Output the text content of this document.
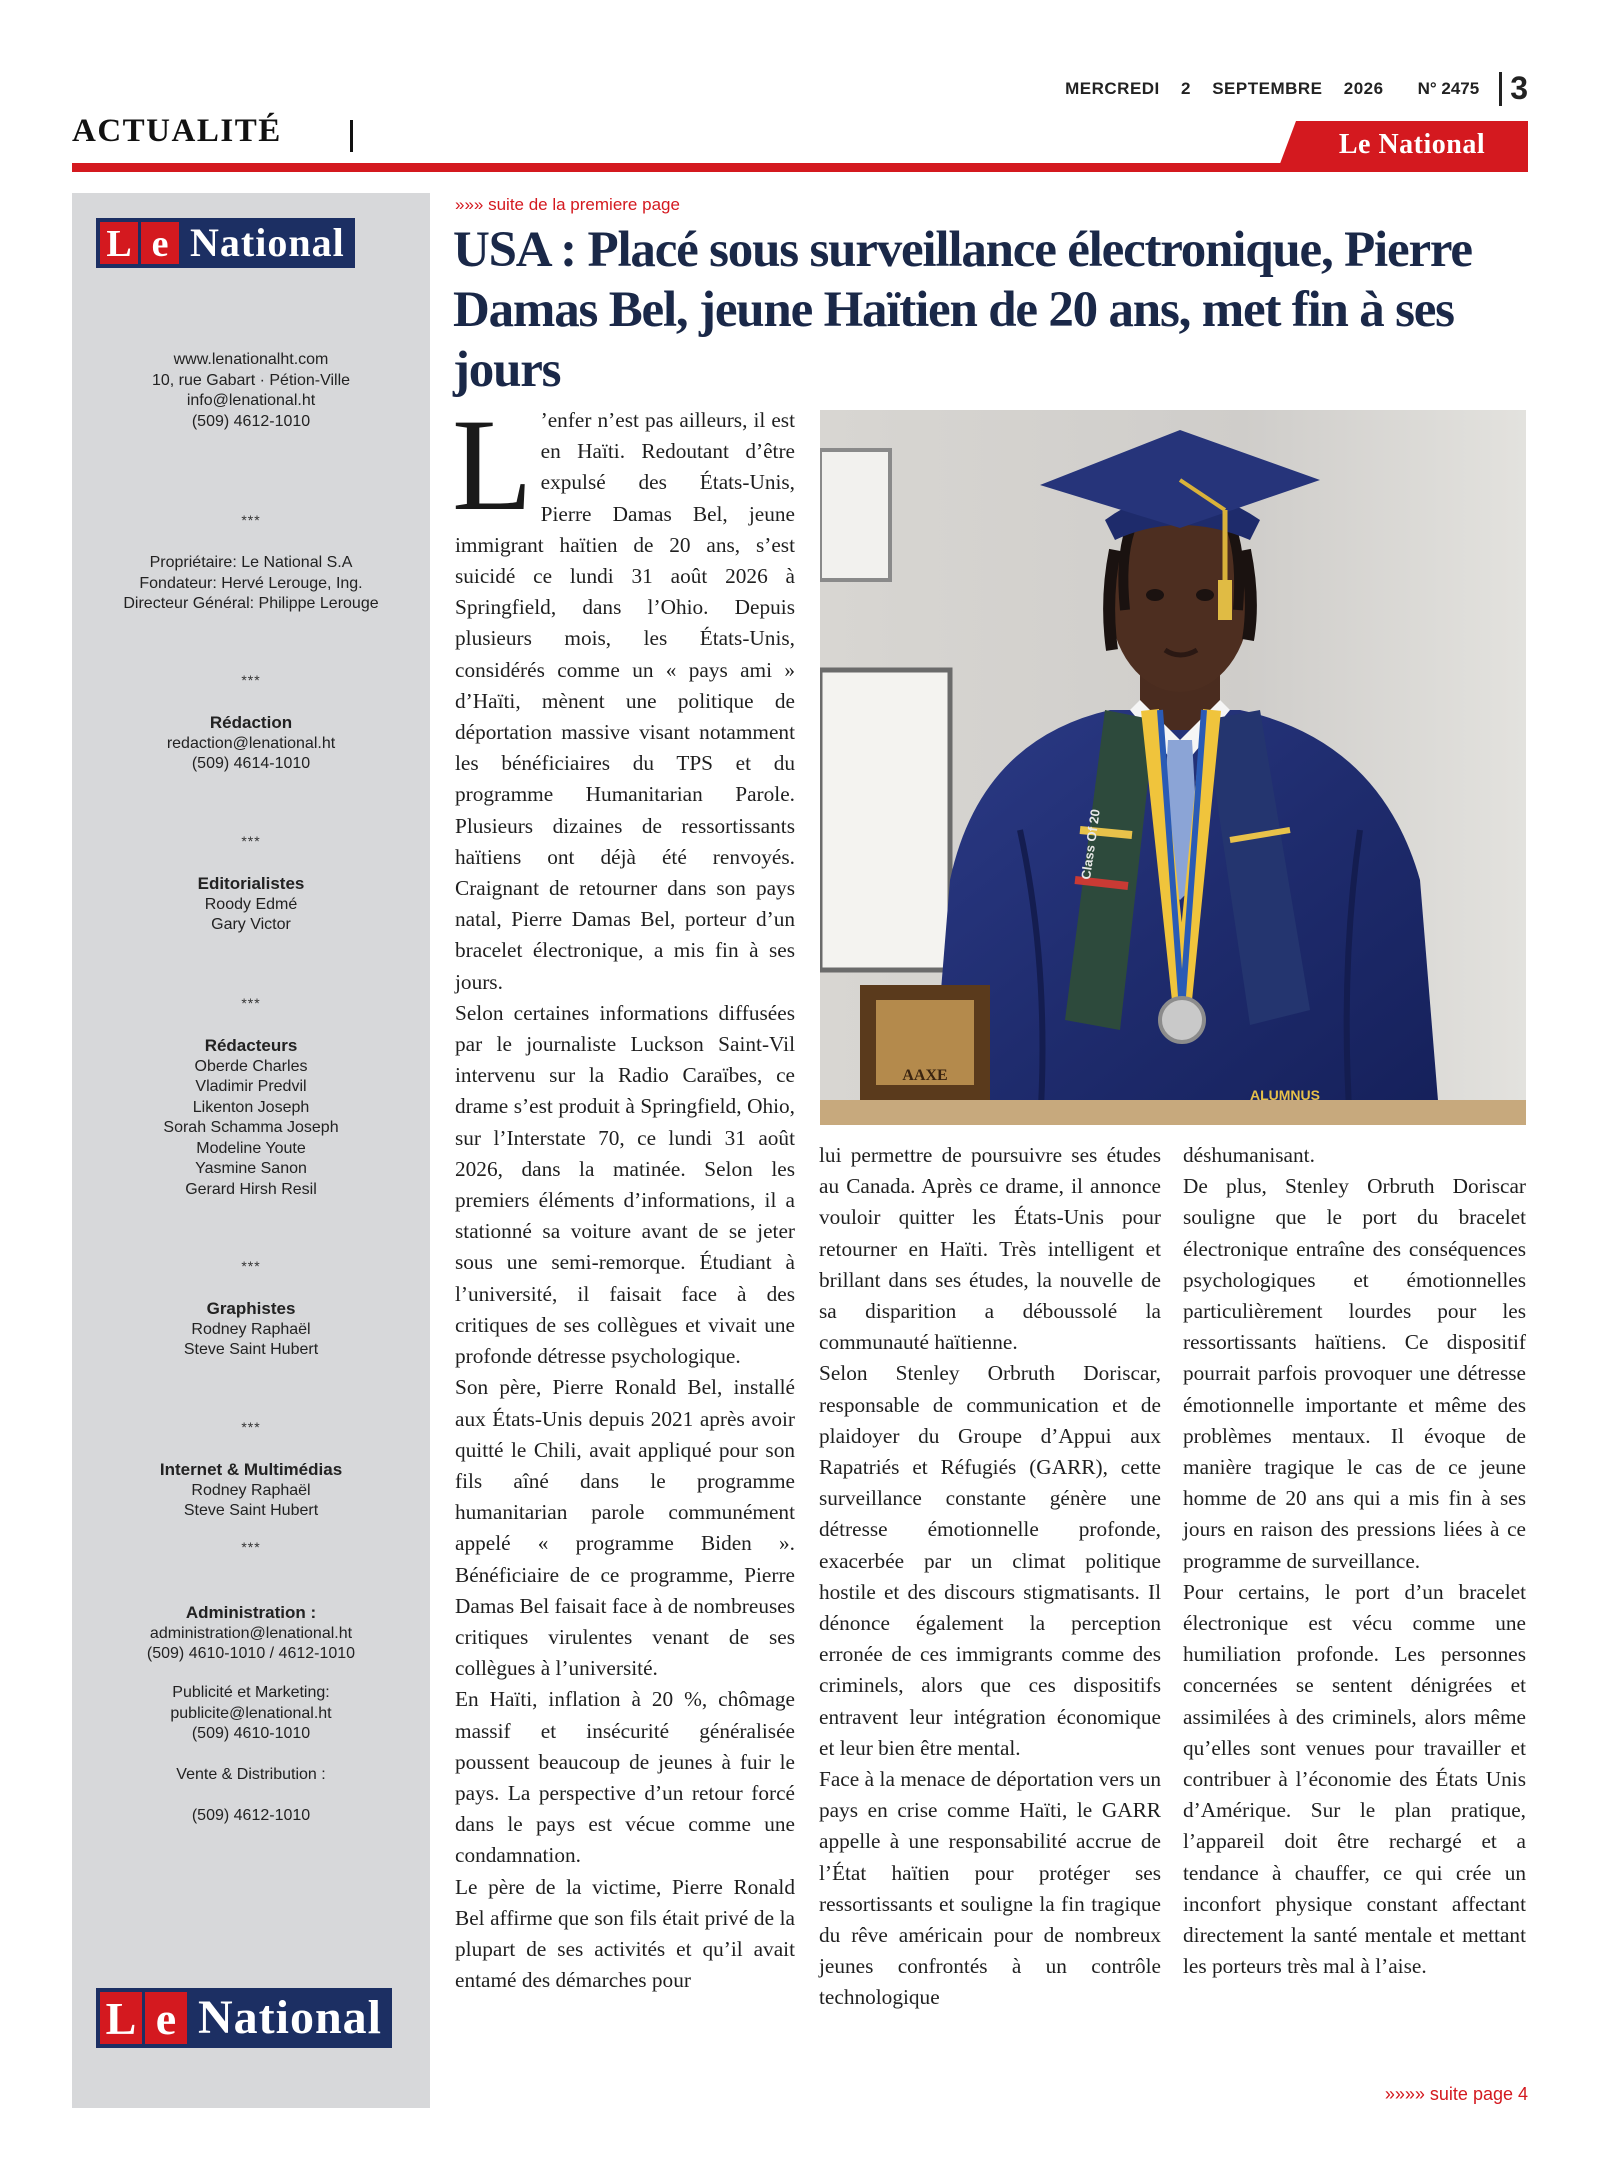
MERCREDI 2 SEPTEMBRE 2026 N° 2475 3
ACTUALITÉ	Le National
L e National
www.lenationalht.com
10, rue Gabart · Pétion-Ville
info@lenational.ht
(509) 4612-1010
***
Propriétaire: Le National S.A
Fondateur: Hervé Lerouge, Ing.
Directeur Général: Philippe Lerouge
***
Rédaction
redaction@lenational.ht
(509) 4614-1010
***
Editorialistes
Roody Edmé
Gary Victor
***
Rédacteurs
Oberde Charles
Vladimir Predvil
Likenton Joseph
Sorah Schamma Joseph
Modeline Youte
Yasmine Sanon
Gerard Hirsh Resil
***
Graphistes
Rodney Raphaël
Steve Saint Hubert
***
Internet & Multimédias
Rodney Raphaël
Steve Saint Hubert
***
Administration :
administration@lenational.ht
(509) 4610-1010 / 4612-1010
Publicité et Marketing:
publicite@lenational.ht
(509) 4610-1010
Vente & Distribution :
(509) 4612-1010
L e National
»»» suite de la premiere page
USA : Placé sous surveillance électronique, Pierre Damas Bel, jeune Haïtien de 20 ans, met fin à ses jours
L ’enfer n’est pas ailleurs, il est en Haïti. Redoutant d’être expulsé des États-Unis, Pierre Damas Bel, jeune immigrant haïtien de 20 ans, s’est suicidé ce lundi 31 août 2026 à Springfield, dans l’Ohio. Depuis plusieurs mois, les États-Unis, considérés comme un « pays ami » d’Haïti, mènent une politique de déportation massive visant notamment les bénéficiaires du TPS et du programme Humanitarian Parole. Plusieurs dizaines de ressortissants haïtiens ont déjà été renvoyés. Craignant de retourner dans son pays natal, Pierre Damas Bel, porteur d’un bracelet électronique, a mis fin à ses jours.

Selon certaines informations diffusées par le journaliste Luckson Saint-Vil intervenu sur la Radio Caraïbes, ce drame s’est produit à Springfield, Ohio, sur l’Interstate 70, ce lundi 31 août 2026, dans la matinée. Selon les premiers éléments d’informations, il a stationné sa voiture avant de se jeter sous une semi-remorque. Étudiant à l’université, il faisait face à des critiques de ses collègues et vivait une profonde détresse psychologique.

Son père, Pierre Ronald Bel, installé aux États-Unis depuis 2021 après avoir quitté le Chili, avait appliqué pour son fils aîné dans le programme humanitarian parole communément appelé « programme Biden ». Bénéficiaire de ce programme, Pierre Damas Bel faisait face à de nombreuses critiques virulentes venant de ses collègues à l’université.

En Haïti, inflation à 20 %, chômage massif et insécurité généralisée poussent beaucoup de jeunes à fuir le pays. La perspective d’un retour forcé dans le pays est vécue comme une condamnation.

Le père de la victime, Pierre Ronald Bel affirme que son fils était privé de la plupart de ses activités et qu’il avait entamé des démarches pour

lui permettre de poursuivre ses études au Canada. Après ce drame, il annonce vouloir quitter les États-Unis pour retourner en Haïti. Très intelligent et brillant dans ses études, la nouvelle de sa disparition a déboussolé la communauté haïtienne.

Selon Stenley Orbruth Doriscar, responsable de communication et de plaidoyer du Groupe d’Appui aux Rapatriés et Réfugiés (GARR), cette surveillance constante génère une détresse émotionnelle profonde, exacerbée par un climat politique hostile et des discours stigmatisants. Il dénonce également la perception erronée de ces immigrants comme des criminels, alors que ces dispositifs entravent leur intégration économique et leur bien être mental.

Face à la menace de déportation vers un pays en crise comme Haïti, le GARR appelle à une responsabilité accrue de l’État haïtien pour protéger ses ressortissants et souligne la fin tragique du rêve américain pour de nombreux jeunes confrontés à un contrôle technologique

déshumanisant.

De plus, Stenley Orbruth Doriscar souligne que le port du bracelet électronique entraîne des conséquences psychologiques et émotionnelles particulièrement lourdes pour les ressortissants haïtiens. Ce dispositif pourrait parfois provoquer une détresse émotionnelle importante et même des problèmes mentaux. Il évoque de manière tragique le cas de ce jeune homme de 20 ans qui a mis fin à ses jours en raison des pressions liées à ce programme de surveillance.

Pour certains, le port d’un bracelet électronique est vécu comme une humiliation profonde. Les personnes concernées se sentent dénigrées et assimilées à des criminels, alors même qu’elles sont venues pour travailler et contribuer à l’économie des États Unis d’Amérique. Sur le plan pratique, l’appareil doit être rechargé et a tendance à chauffer, ce qui crée un inconfort physique constant affectant directement la santé mentale et mettant les porteurs très mal à l’aise.

»»»» suite page 4
AAXE
Class Of 20
ALUMNUS
